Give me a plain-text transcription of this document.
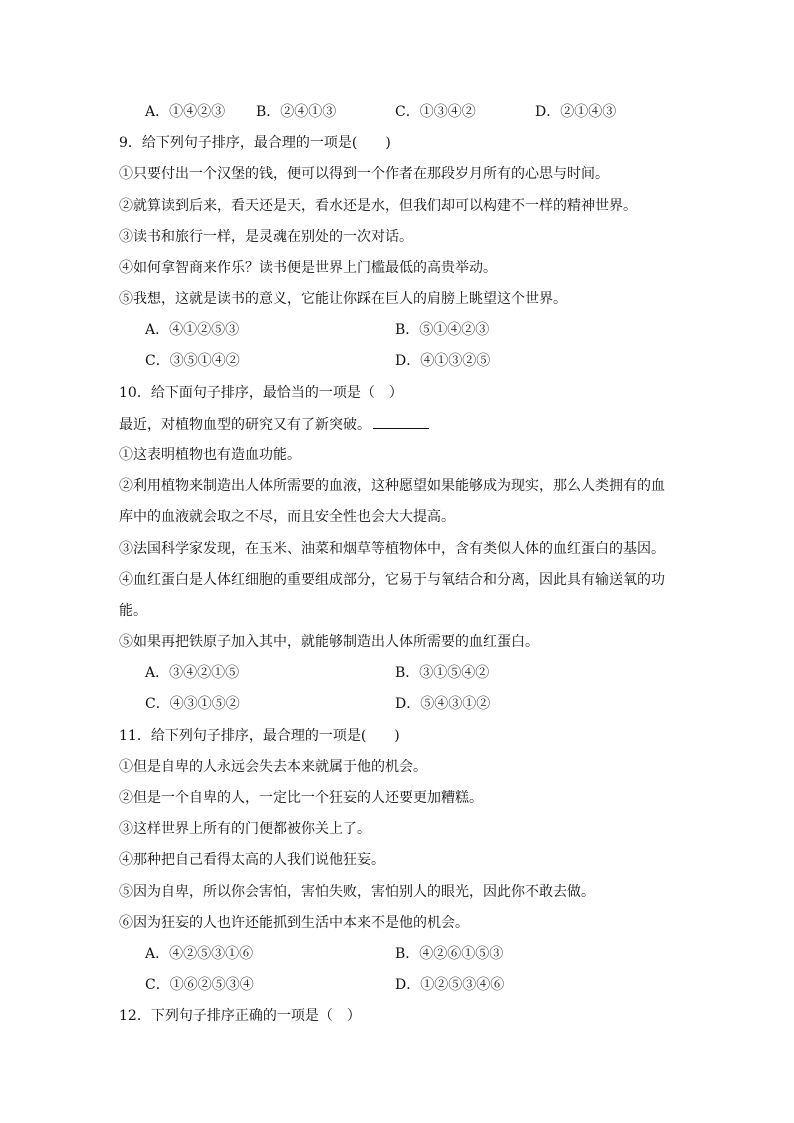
A．①④②③ B．②④①③	C．①③④②	D．②①④③
9．给下列句子排序，最合理的一项是(　　)
①只要付出一个汉堡的钱，便可以得到一个作者在那段岁月所有的心思与时间。
②就算读到后来，看天还是天，看水还是水，但我们却可以构建不一样的精神世界。
③读书和旅行一样，是灵魂在别处的一次对话。
④如何拿智商来作乐？读书便是世界上门槛最低的高贵举动。
⑤我想，这就是读书的意义，它能让你踩在巨人的肩膀上眺望这个世界。
A．④①②⑤③	B．⑤①④②③
C．③⑤①④②	D．④①③②⑤
10．给下面句子排序，最恰当的一项是（　）
最近，对植物血型的研究又有了新突破。
①这表明植物也有造血功能。
②利用植物来制造出人体所需要的血液，这种愿望如果能够成为现实，那么人类拥有的血
库中的血液就会取之不尽，而且安全性也会大大提高。
③法国科学家发现，在玉米、油菜和烟草等植物体中，含有类似人体的血红蛋白的基因。
④血红蛋白是人体红细胞的重要组成部分，它易于与氧结合和分离，因此具有输送氧的功
能。
⑤如果再把铁原子加入其中，就能够制造出人体所需要的血红蛋白。
A．③④②①⑤	B．③①⑤④②
C．④③①⑤②	D．⑤④③①②
11．给下列句子排序，最合理的一项是(　　)
①但是自卑的人永远会失去本来就属于他的机会。
②但是一个自卑的人，一定比一个狂妄的人还要更加糟糕。
③这样世界上所有的门便都被你关上了。
④那种把自己看得太高的人我们说他狂妄。
⑤因为自卑，所以你会害怕，害怕失败，害怕别人的眼光，因此你不敢去做。
⑥因为狂妄的人也许还能抓到生活中本来不是他的机会。
A．④②⑤③①⑥	B．④②⑥①⑤③
C．①⑥②⑤③④	D．①②⑤③④⑥
12．下列句子排序正确的一项是（　）
